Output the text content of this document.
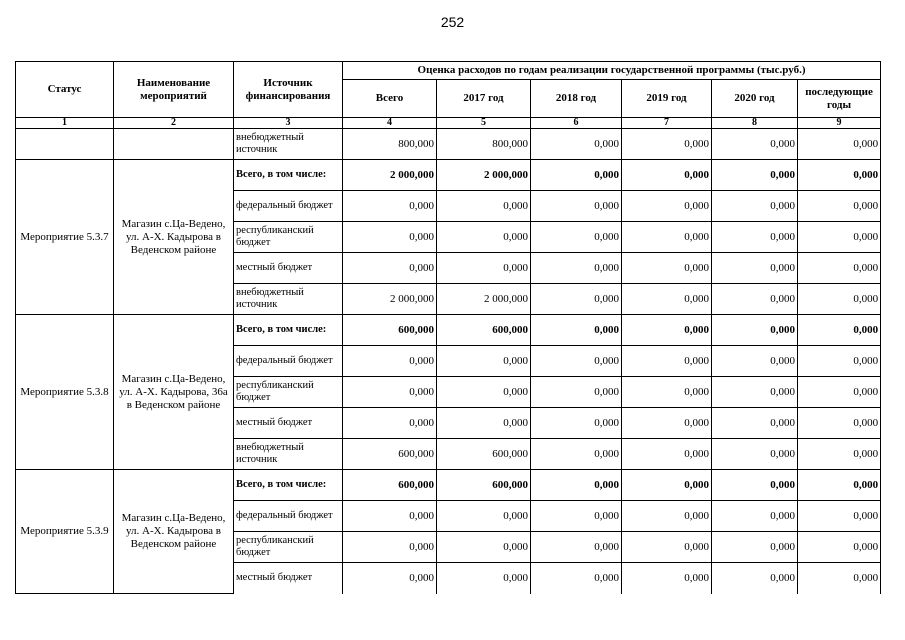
252
Статус	Наименование мероприятий	Источник финансирования	Оценка расходов по годам реализации государственной программы (тыс.руб.)					
			Всего	2017 год	2018 год	2019 год	2020 год	последующие годы
1	2	3	4	5	6	7	8	9
		внебюджетный источник	800,000	800,000	0,000	0,000	0,000	0,000
Мероприятие 5.3.7	Магазин с.Ца-Ведено, ул. А-Х. Кадырова в Веденском районе	Всего, в том числе:	2 000,000	2 000,000	0,000	0,000	0,000	0,000
		федеральный бюджет	0,000	0,000	0,000	0,000	0,000	0,000
		республиканский бюджет	0,000	0,000	0,000	0,000	0,000	0,000
		местный бюджет	0,000	0,000	0,000	0,000	0,000	0,000
		внебюджетный источник	2 000,000	2 000,000	0,000	0,000	0,000	0,000
Мероприятие 5.3.8	Магазин с.Ца-Ведено, ул. А-Х. Кадырова, 36а в Веденском районе	Всего, в том числе:	600,000	600,000	0,000	0,000	0,000	0,000
		федеральный бюджет	0,000	0,000	0,000	0,000	0,000	0,000
		республиканский бюджет	0,000	0,000	0,000	0,000	0,000	0,000
		местный бюджет	0,000	0,000	0,000	0,000	0,000	0,000
		внебюджетный источник	600,000	600,000	0,000	0,000	0,000	0,000
Мероприятие 5.3.9	Магазин с.Ца-Ведено, ул. А-Х. Кадырова в Веденском районе	Всего, в том числе:	600,000	600,000	0,000	0,000	0,000	0,000
		федеральный бюджет	0,000	0,000	0,000	0,000	0,000	0,000
		республиканский бюджет	0,000	0,000	0,000	0,000	0,000	0,000
		местный бюджет	0,000	0,000	0,000	0,000	0,000	0,000
